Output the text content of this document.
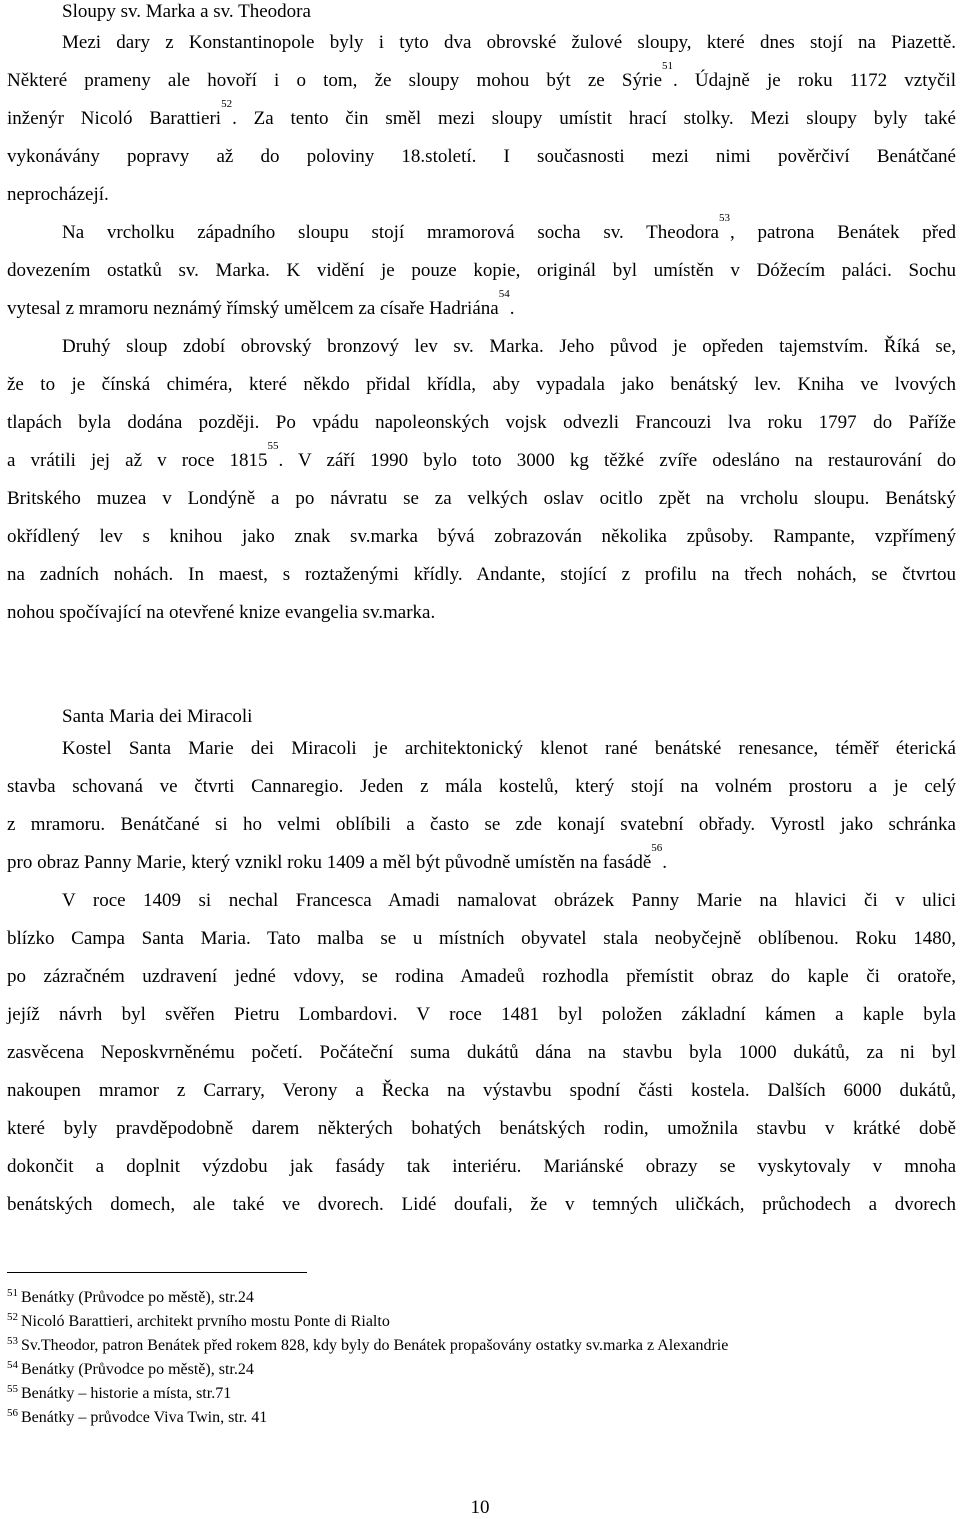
Sloupy sv. Marka a sv. Theodora
Mezi dary z Konstantinopole byly i tyto dva obrovské žulové sloupy, které dnes stojí na Piazettě.
Některé prameny ale hovoří i o tom, že sloupy mohou být ze Sýrie$^{51}$. Údajně je roku 1172 vztyčil
inženýr Nicoló Barattieri$^{52}$. Za tento čin směl mezi sloupy umístit hrací stolky. Mezi sloupy byly také
vykonávány popravy až do poloviny 18.století. I současnosti mezi nimi pověrčiví Benátčané
neprocházejí.
Na vrcholku západního sloupu stojí mramorová socha sv. Theodora$^{53}$, patrona Benátek před
dovezením ostatků sv. Marka. K vidění je pouze kopie, originál byl umístěn v Dóžecím paláci. Sochu
vytesal z mramoru neznámý římský umělcem za císaře Hadriána$^{54}$.
Druhý sloup zdobí obrovský bronzový lev sv. Marka. Jeho původ je opředen tajemstvím. Říká se,
že to je čínská chiméra, které někdo přidal křídla, aby vypadala jako benátský lev. Kniha ve lvových
tlapách byla dodána později. Po vpádu napoleonských vojsk odvezli Francouzi lva roku 1797 do Paříže
a vrátili jej až v roce 1815$^{55}$. V září 1990 bylo toto 3000 kg těžké zvíře odesláno na restaurování do
Britského muzea v Londýně a po návratu se za velkých oslav ocitlo zpět na vrcholu sloupu. Benátský
okřídlený lev s knihou jako znak sv.marka bývá zobrazován několika způsoby. Rampante, vzpřímený
na zadních nohách. In maest, s roztaženými křídly. Andante, stojící z profilu na třech nohách, se čtvrtou
nohou spočívající na otevřené knize evangelia sv.marka.
Santa Maria dei Miracoli
Kostel Santa Marie dei Miracoli je architektonický klenot rané benátské renesance, téměř éterická
stavba schovaná ve čtvrti Cannaregio. Jeden z mála kostelů, který stojí na volném prostoru a je celý
z mramoru. Benátčané si ho velmi oblíbili a často se zde konají svatební obřady. Vyrostl jako schránka
pro obraz Panny Marie, který vznikl roku 1409 a měl být původně umístěn na fasádě$^{56}$.
V roce 1409 si nechal Francesca Amadi namalovat obrázek Panny Marie na hlavici či v ulici
blízko Campa Santa Maria. Tato malba se u místních obyvatel stala neobyčejně oblíbenou. Roku 1480,
po zázračném uzdravení jedné vdovy, se rodina Amadeů rozhodla přemístit obraz do kaple či oratoře,
jejíž návrh byl svěřen Pietru Lombardovi. V roce 1481 byl položen základní kámen a kaple byla
zasvěcena Neposkvrněnému početí. Počáteční suma dukátů dána na stavbu byla 1000 dukátů, za ni byl
nakoupen mramor z Carrary, Verony a Řecka na výstavbu spodní části kostela. Dalších 6000 dukátů,
které byly pravděpodobně darem některých bohatých benátských rodin, umožnila stavbu v krátké době
dokončit a doplnit výzdobu jak fasády tak interiéru. Mariánské obrazy se vyskytovaly v mnoha
benátských domech, ale také ve dvorech. Lidé doufali, že v temných uličkách, průchodech a dvorech
$^{51}$ Benátky (Průvodce po městě), str.24
$^{52}$ Nicoló Barattieri, architekt prvního mostu Ponte di Rialto
$^{53}$ Sv.Theodor, patron Benátek před rokem 828, kdy byly do Benátek propašovány ostatky sv.marka z Alexandrie
$^{54}$ Benátky (Průvodce po městě), str.24
$^{55}$ Benátky – historie a místa, str.71
$^{56}$ Benátky – průvodce Viva Twin, str. 41
10
